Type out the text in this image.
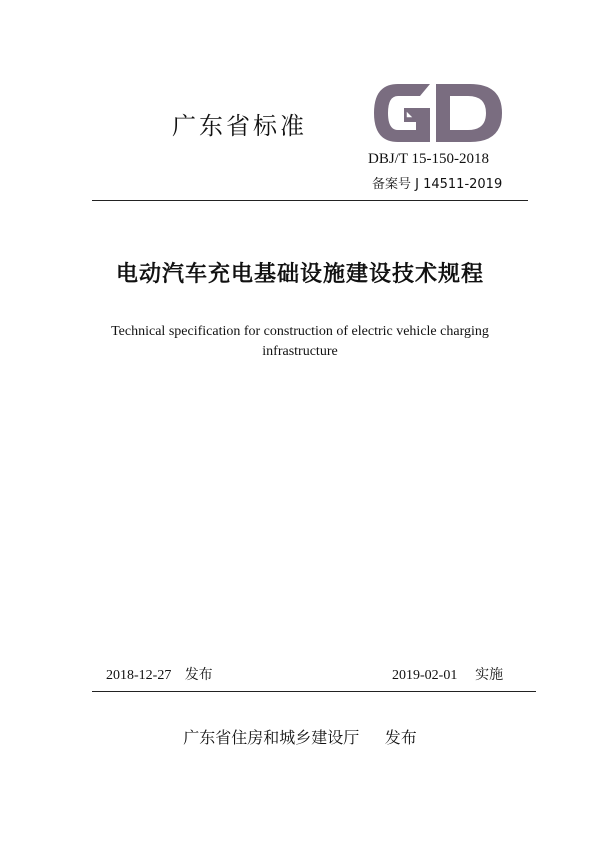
广东省标准
DBJ/T 15-150-2018
备案号 J 14511-2019
电动汽车充电基础设施建设技术规程
Technical specification for construction of electric vehicle charging
infrastructure
2018-12-27 发布	2019-02-01 实施
广东省住房和城乡建设厅 发布
